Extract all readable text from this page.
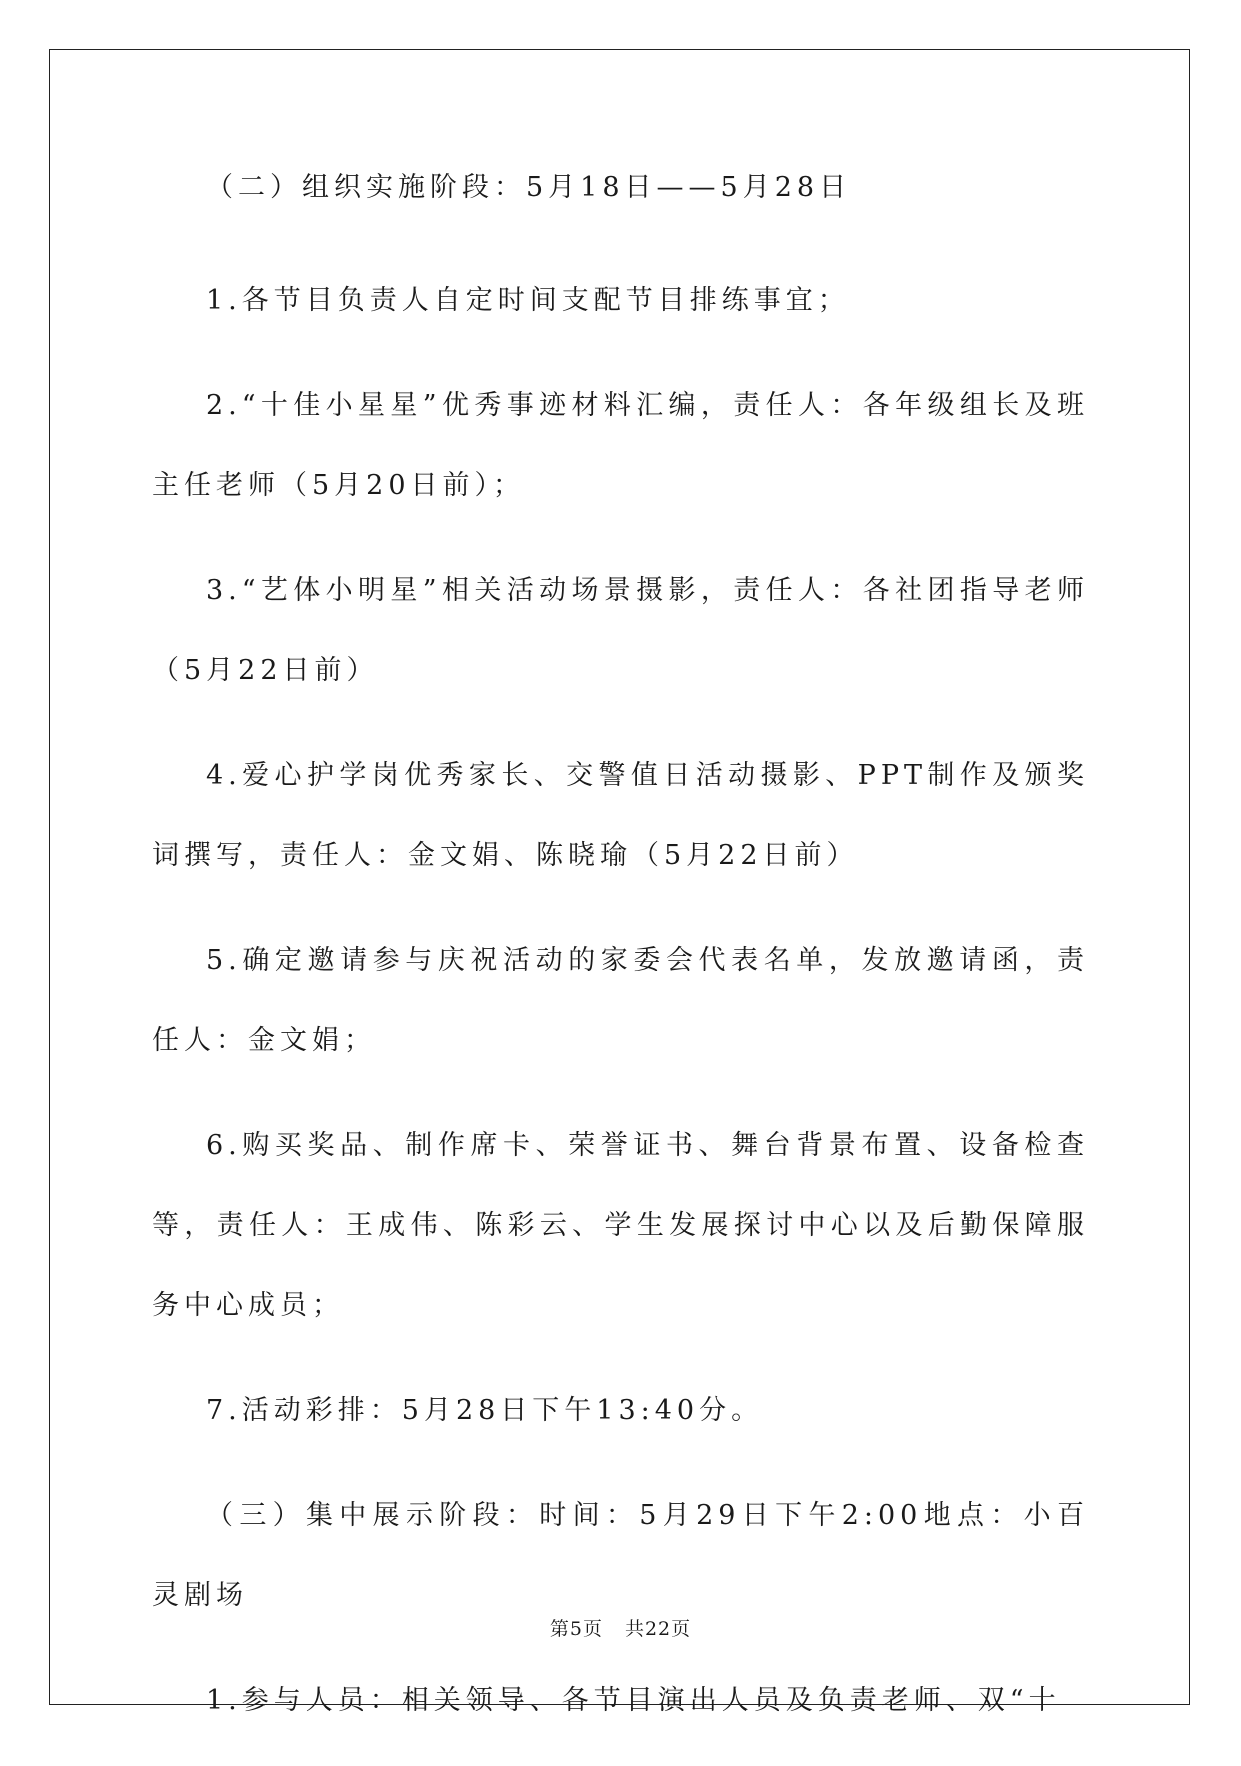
（二）组织实施阶段：5月18日——5月28日

1.各节目负责人自定时间支配节目排练事宜；

2.“十佳小星星”优秀事迹材料汇编，责任人：各年级组长及班主任老师（5月20日前）；

3.“艺体小明星”相关活动场景摄影，责任人：各社团指导老师（5月22日前）

4.爱心护学岗优秀家长、交警值日活动摄影、PPT制作及颁奖词撰写，责任人：金文娟、陈晓瑜（5月22日前）

5.确定邀请参与庆祝活动的家委会代表名单，发放邀请函，责任人：金文娟；

6.购买奖品、制作席卡、荣誉证书、舞台背景布置、设备检查等，责任人：王成伟、陈彩云、学生发展探讨中心以及后勤保障服务中心成员；

7.活动彩排：5月28日下午13:40分。

（三）集中展示阶段：时间：5月29日下午2:00地点：小百灵剧场

1.参与人员：相关领导、各节目演出人员及负责老师、双“十

第5页 共22页
